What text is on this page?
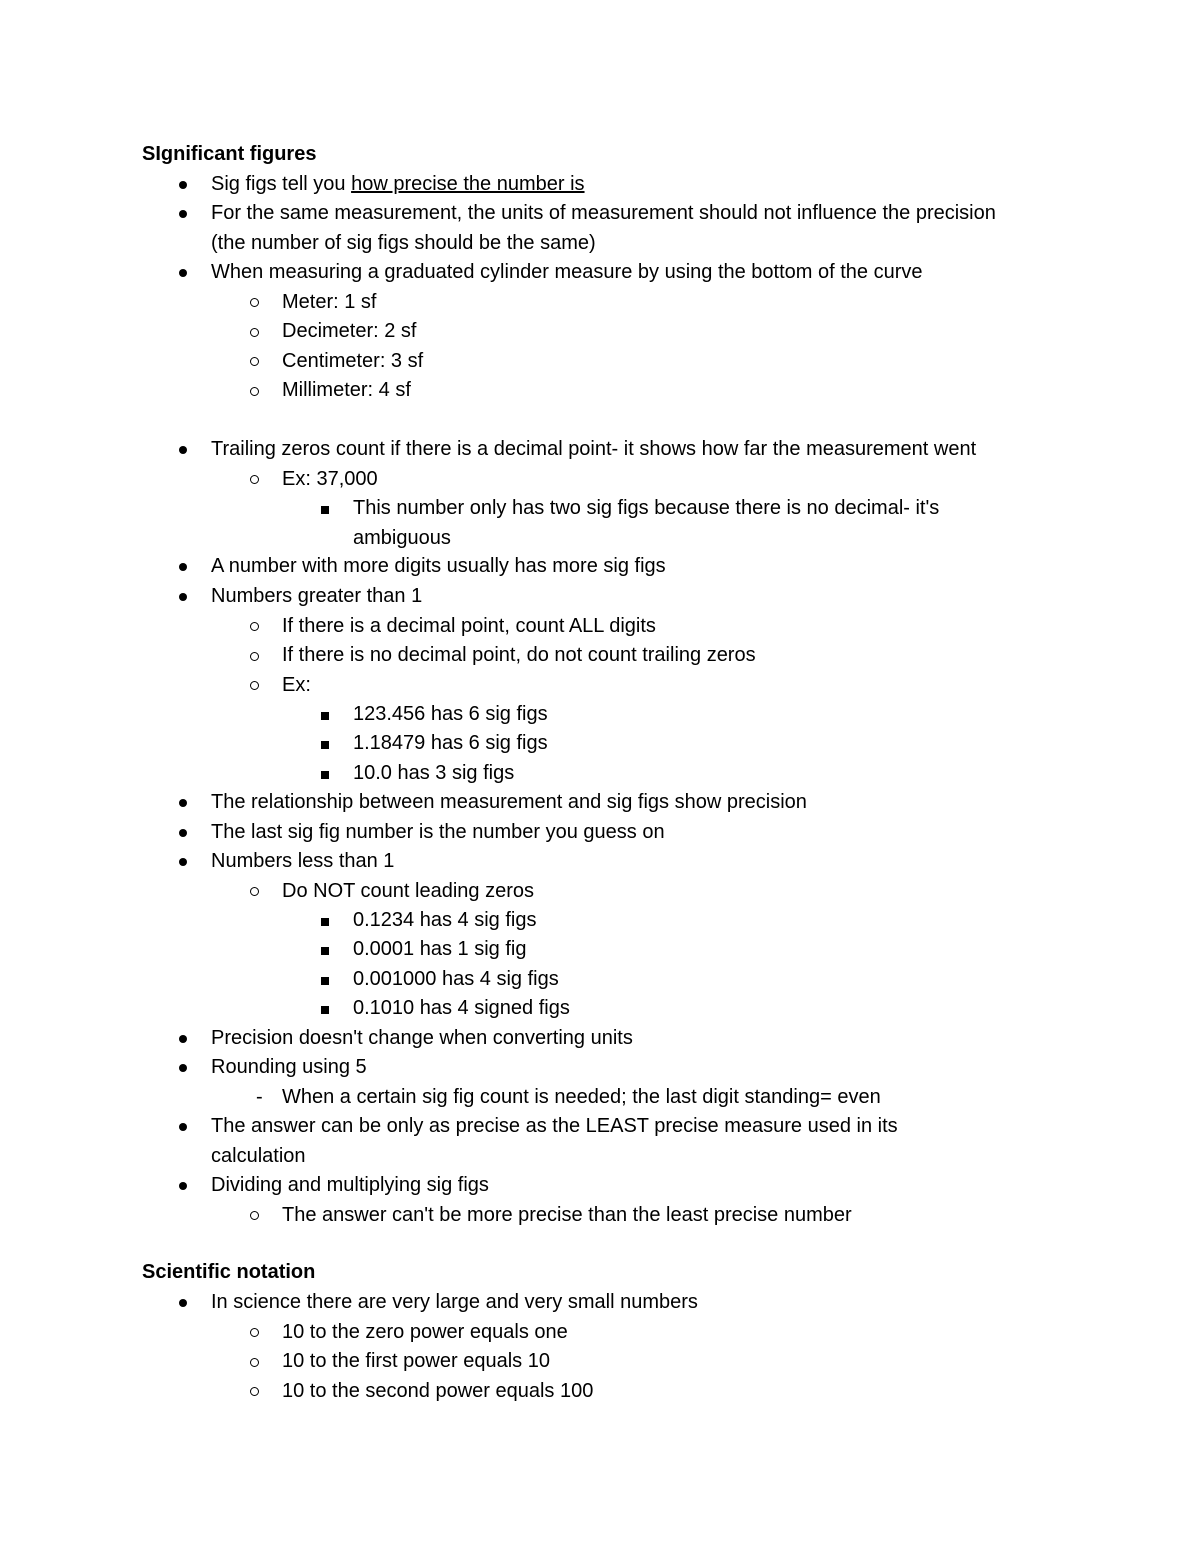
SIgnificant figures
Sig figs tell you how precise the number is
For the same measurement, the units of measurement should not influence the precision
(the number of sig figs should be the same)
When measuring a graduated cylinder measure by using the bottom of the curve
Meter: 1 sf
Decimeter: 2 sf
Centimeter: 3 sf
Millimeter: 4 sf
Trailing zeros count if there is a decimal point- it shows how far the measurement went
Ex: 37,000
This number only has two sig figs because there is no decimal- it's
ambiguous
A number with more digits usually has more sig figs
Numbers greater than 1
If there is a decimal point, count ALL digits
If there is no decimal point, do not count trailing zeros
Ex:
123.456 has 6 sig figs
1.18479 has 6 sig figs
10.0 has 3 sig figs
The relationship between measurement and sig figs show precision
The last sig fig number is the number you guess on
Numbers less than 1
Do NOT count leading zeros
0.1234 has 4 sig figs
0.0001 has 1 sig fig
0.001000 has 4 sig figs
0.1010 has 4 signed figs
Precision doesn't change when converting units
Rounding using 5
- When a certain sig fig count is needed; the last digit standing= even
The answer can be only as precise as the LEAST precise measure used in its
calculation
Dividing and multiplying sig figs
The answer can't be more precise than the least precise number
Scientific notation
In science there are very large and very small numbers
10 to the zero power equals one
10 to the first power equals 10
10 to the second power equals 100
